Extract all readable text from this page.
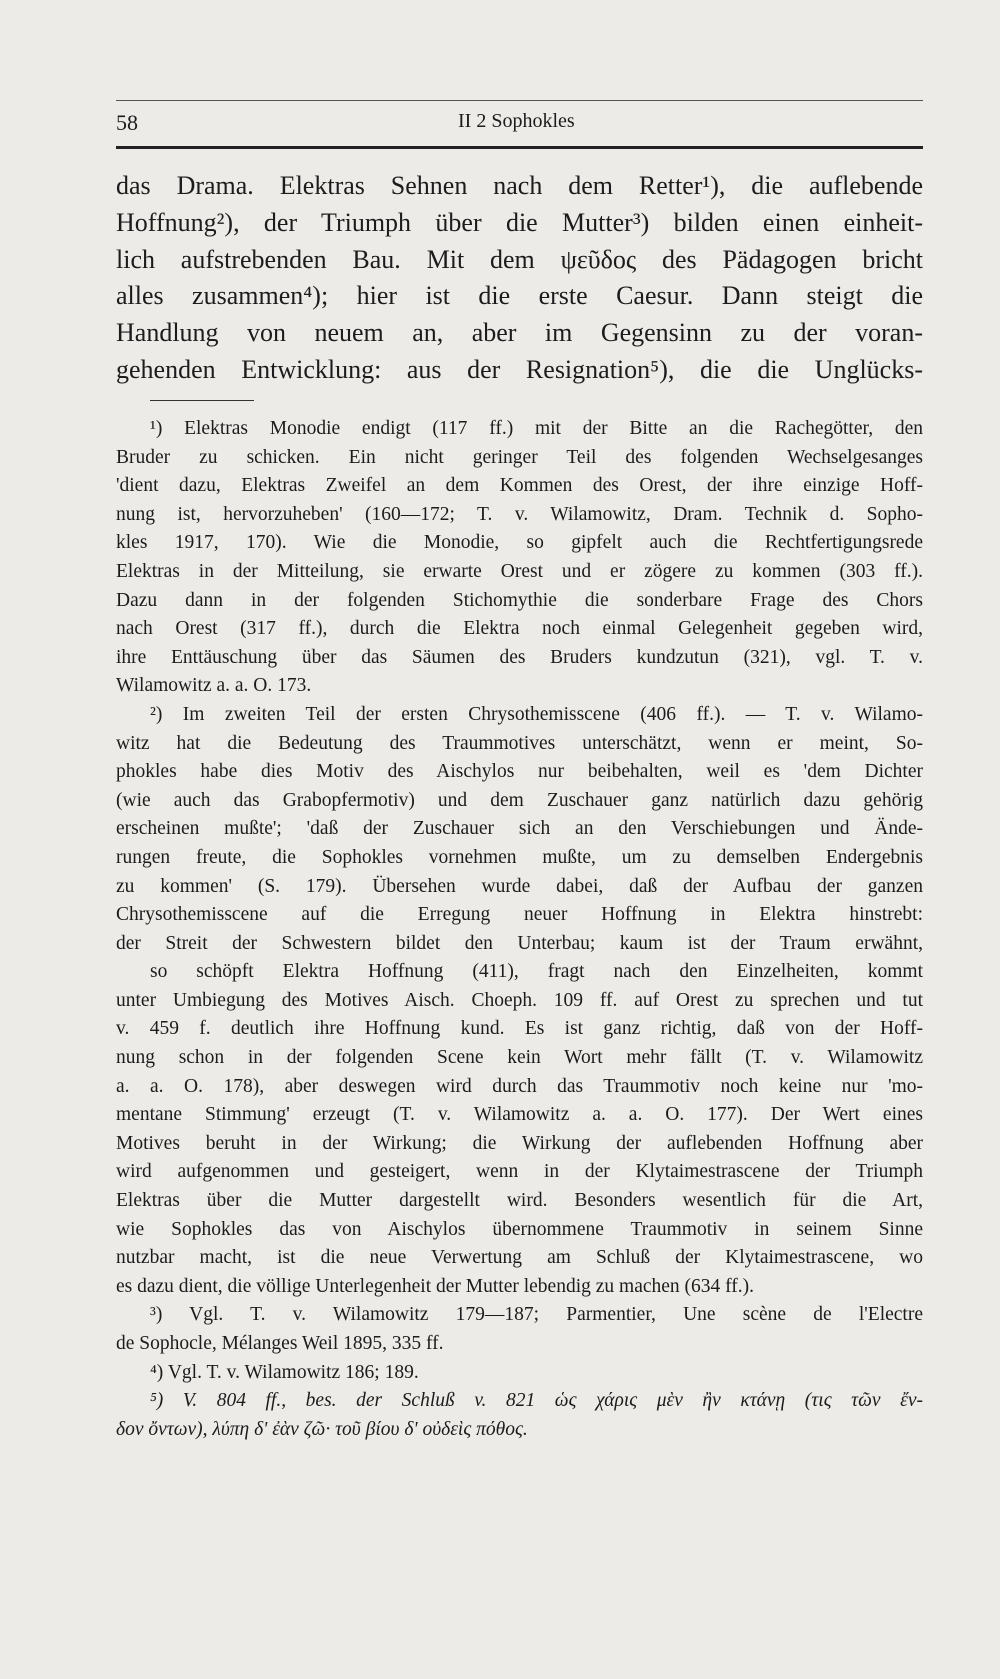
58	II 2 Sophokles
das Drama. Elektras Sehnen nach dem Retter¹), die auflebende
Hoffnung²), der Triumph über die Mutter³) bilden einen einheit-
lich aufstrebenden Bau. Mit dem ψεῦδος des Pädagogen bricht
alles zusammen⁴); hier ist die erste Caesur. Dann steigt die
Handlung von neuem an, aber im Gegensinn zu der voran-
gehenden Entwicklung: aus der Resignation⁵), die die Unglücks-
¹) Elektras Monodie endigt (117 ff.) mit der Bitte an die Rachegötter, den
Bruder zu schicken. Ein nicht geringer Teil des folgenden Wechselgesanges
'dient dazu, Elektras Zweifel an dem Kommen des Orest, der ihre einzige Hoff-
nung ist, hervorzuheben' (160—172; T. v. Wilamowitz, Dram. Technik d. Sopho-
kles 1917, 170). Wie die Monodie, so gipfelt auch die Rechtfertigungsrede
Elektras in der Mitteilung, sie erwarte Orest und er zögere zu kommen (303 ff.).
Dazu dann in der folgenden Stichomythie die sonderbare Frage des Chors
nach Orest (317 ff.), durch die Elektra noch einmal Gelegenheit gegeben wird,
ihre Enttäuschung über das Säumen des Bruders kundzutun (321), vgl. T. v.
Wilamowitz a. a. O. 173.
²) Im zweiten Teil der ersten Chrysothemisscene (406 ff.). — T. v. Wilamo-
witz hat die Bedeutung des Traummotives unterschätzt, wenn er meint, So-
phokles habe dies Motiv des Aischylos nur beibehalten, weil es 'dem Dichter
(wie auch das Grabopfermotiv) und dem Zuschauer ganz natürlich dazu gehörig
erscheinen mußte'; 'daß der Zuschauer sich an den Verschiebungen und Ände-
rungen freute, die Sophokles vornehmen mußte, um zu demselben Endergebnis
zu kommen' (S. 179). Übersehen wurde dabei, daß der Aufbau der ganzen
Chrysothemisscene auf die Erregung neuer Hoffnung in Elektra hinstrebt:
der Streit der Schwestern bildet den Unterbau; kaum ist der Traum erwähnt,
so schöpft Elektra Hoffnung (411), fragt nach den Einzelheiten, kommt
unter Umbiegung des Motives Aisch. Choeph. 109 ff. auf Orest zu sprechen und tut
v. 459 f. deutlich ihre Hoffnung kund. Es ist ganz richtig, daß von der Hoff-
nung schon in der folgenden Scene kein Wort mehr fällt (T. v. Wilamowitz
a. a. O. 178), aber deswegen wird durch das Traummotiv noch keine nur 'mo-
mentane Stimmung' erzeugt (T. v. Wilamowitz a. a. O. 177). Der Wert eines
Motives beruht in der Wirkung; die Wirkung der auflebenden Hoffnung aber
wird aufgenommen und gesteigert, wenn in der Klytaimestrascene der Triumph
Elektras über die Mutter dargestellt wird. Besonders wesentlich für die Art,
wie Sophokles das von Aischylos übernommene Traummotiv in seinem Sinne
nutzbar macht, ist die neue Verwertung am Schluß der Klytaimestrascene, wo
es dazu dient, die völlige Unterlegenheit der Mutter lebendig zu machen (634 ff.).
³) Vgl. T. v. Wilamowitz 179—187; Parmentier, Une scène de l'Electre
de Sophocle, Mélanges Weil 1895, 335 ff.
⁴) Vgl. T. v. Wilamowitz 186; 189.
⁵) V. 804 ff., bes. der Schluß v. 821 ὡς χάρις μὲν ἢν κτάνῃ (τις τῶν ἔν-
δον ὄντων), λύπη δ' ἐὰν ζῶ· τοῦ βίου δ' οὐδεὶς πόθος.
